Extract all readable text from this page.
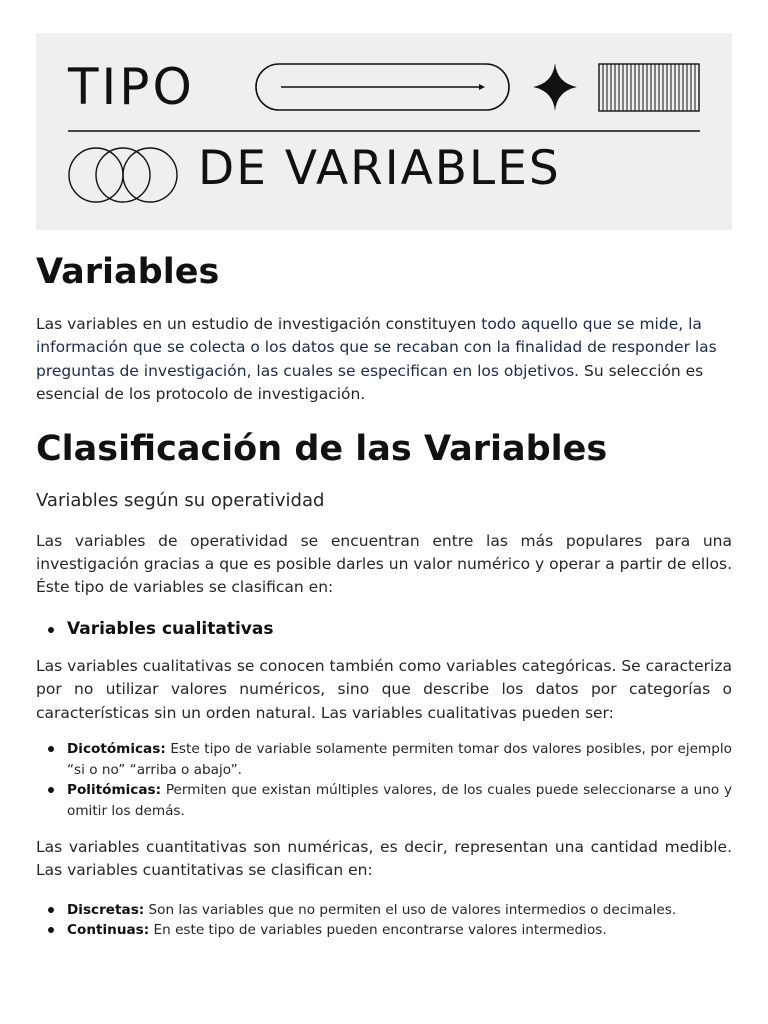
TIPO
DE VARIABLES
Variables

Las variables en un estudio de investigación constituyen todo aquello que se mide, la información que se colecta o los datos que se recaban con la finalidad de responder las preguntas de investigación, las cuales se especifican en los objetivos. Su selección es esencial de los protocolo de investigación.

Clasificación de las Variables
Variables según su operatividad

Las variables de operatividad se encuentran entre las más populares para una investigación gracias a que es posible darles un valor numérico y operar a partir de ellos. Éste tipo de variables se clasifican en:

Variables cualitativas

Las variables cualitativas se conocen también como variables categóricas. Se caracteriza por no utilizar valores numéricos, sino que describe los datos por categorías o características sin un orden natural. Las variables cualitativas pueden ser:

Dicotómicas: Este tipo de variable solamente permiten tomar dos valores posibles, por ejemplo “si o no” “arriba o abajo”.
Politómicas: Permiten que existan múltiples valores, de los cuales puede seleccionarse a uno y omitir los demás.

Las variables cuantitativas son numéricas, es decir, representan una cantidad medible. Las variables cuantitativas se clasifican en:

Discretas: Son las variables que no permiten el uso de valores intermedios o decimales.
Continuas: En este tipo de variables pueden encontrarse valores intermedios.
